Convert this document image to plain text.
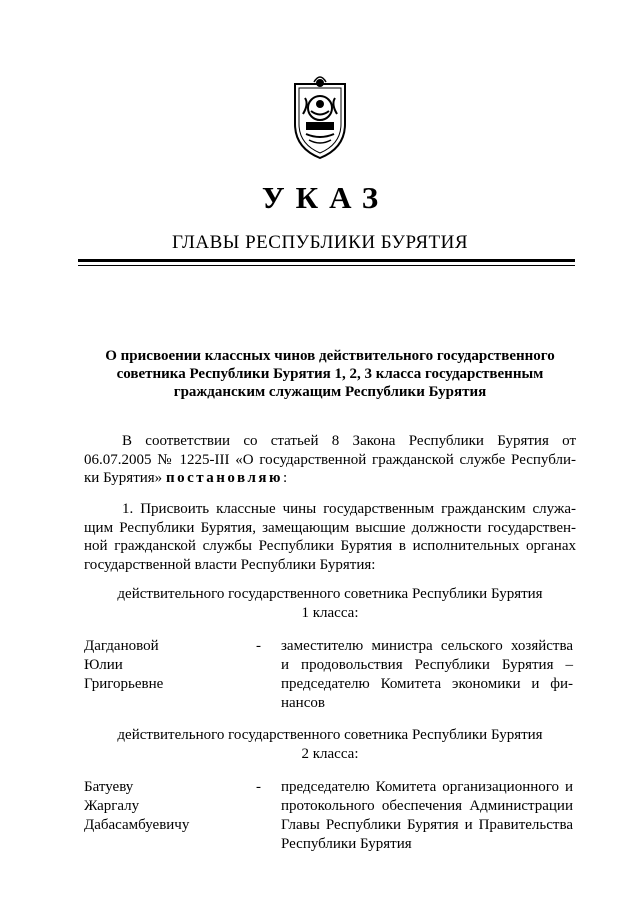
УКАЗ
ГЛАВЫ РЕСПУБЛИКИ БУРЯТИЯ
О присвоении классных чинов действительного государственного
советника Республики Бурятия 1, 2, 3 класса государственным
гражданским служащим Республики Бурятия
В соответствии со статьей 8 Закона Республики Бурятия от
06.07.2005 № 1225-III «О государственной гражданской службе Республи-
ки Бурятия» постановляю:
1. Присвоить классные чины государственным гражданским служа-
щим Республики Бурятия, замещающим высшие должности государствен-
ной гражданской службы Республики Бурятия в исполнительных органах
государственной власти Республики Бурятия:
действительного государственного советника Республики Бурятия
1 класса:
Дагдановой
Юлии
Григорьевне
- заместителю министра сельского хозяйства
и продовольствия Республики Бурятия –
председателю Комитета экономики и фи-
нансов
действительного государственного советника Республики Бурятия
2 класса:
Батуеву
Жаргалу
Дабасамбуевичу
- председателю Комитета организационного и
протокольного обеспечения Администрации
Главы Республики Бурятия и Правительства
Республики Бурятия
